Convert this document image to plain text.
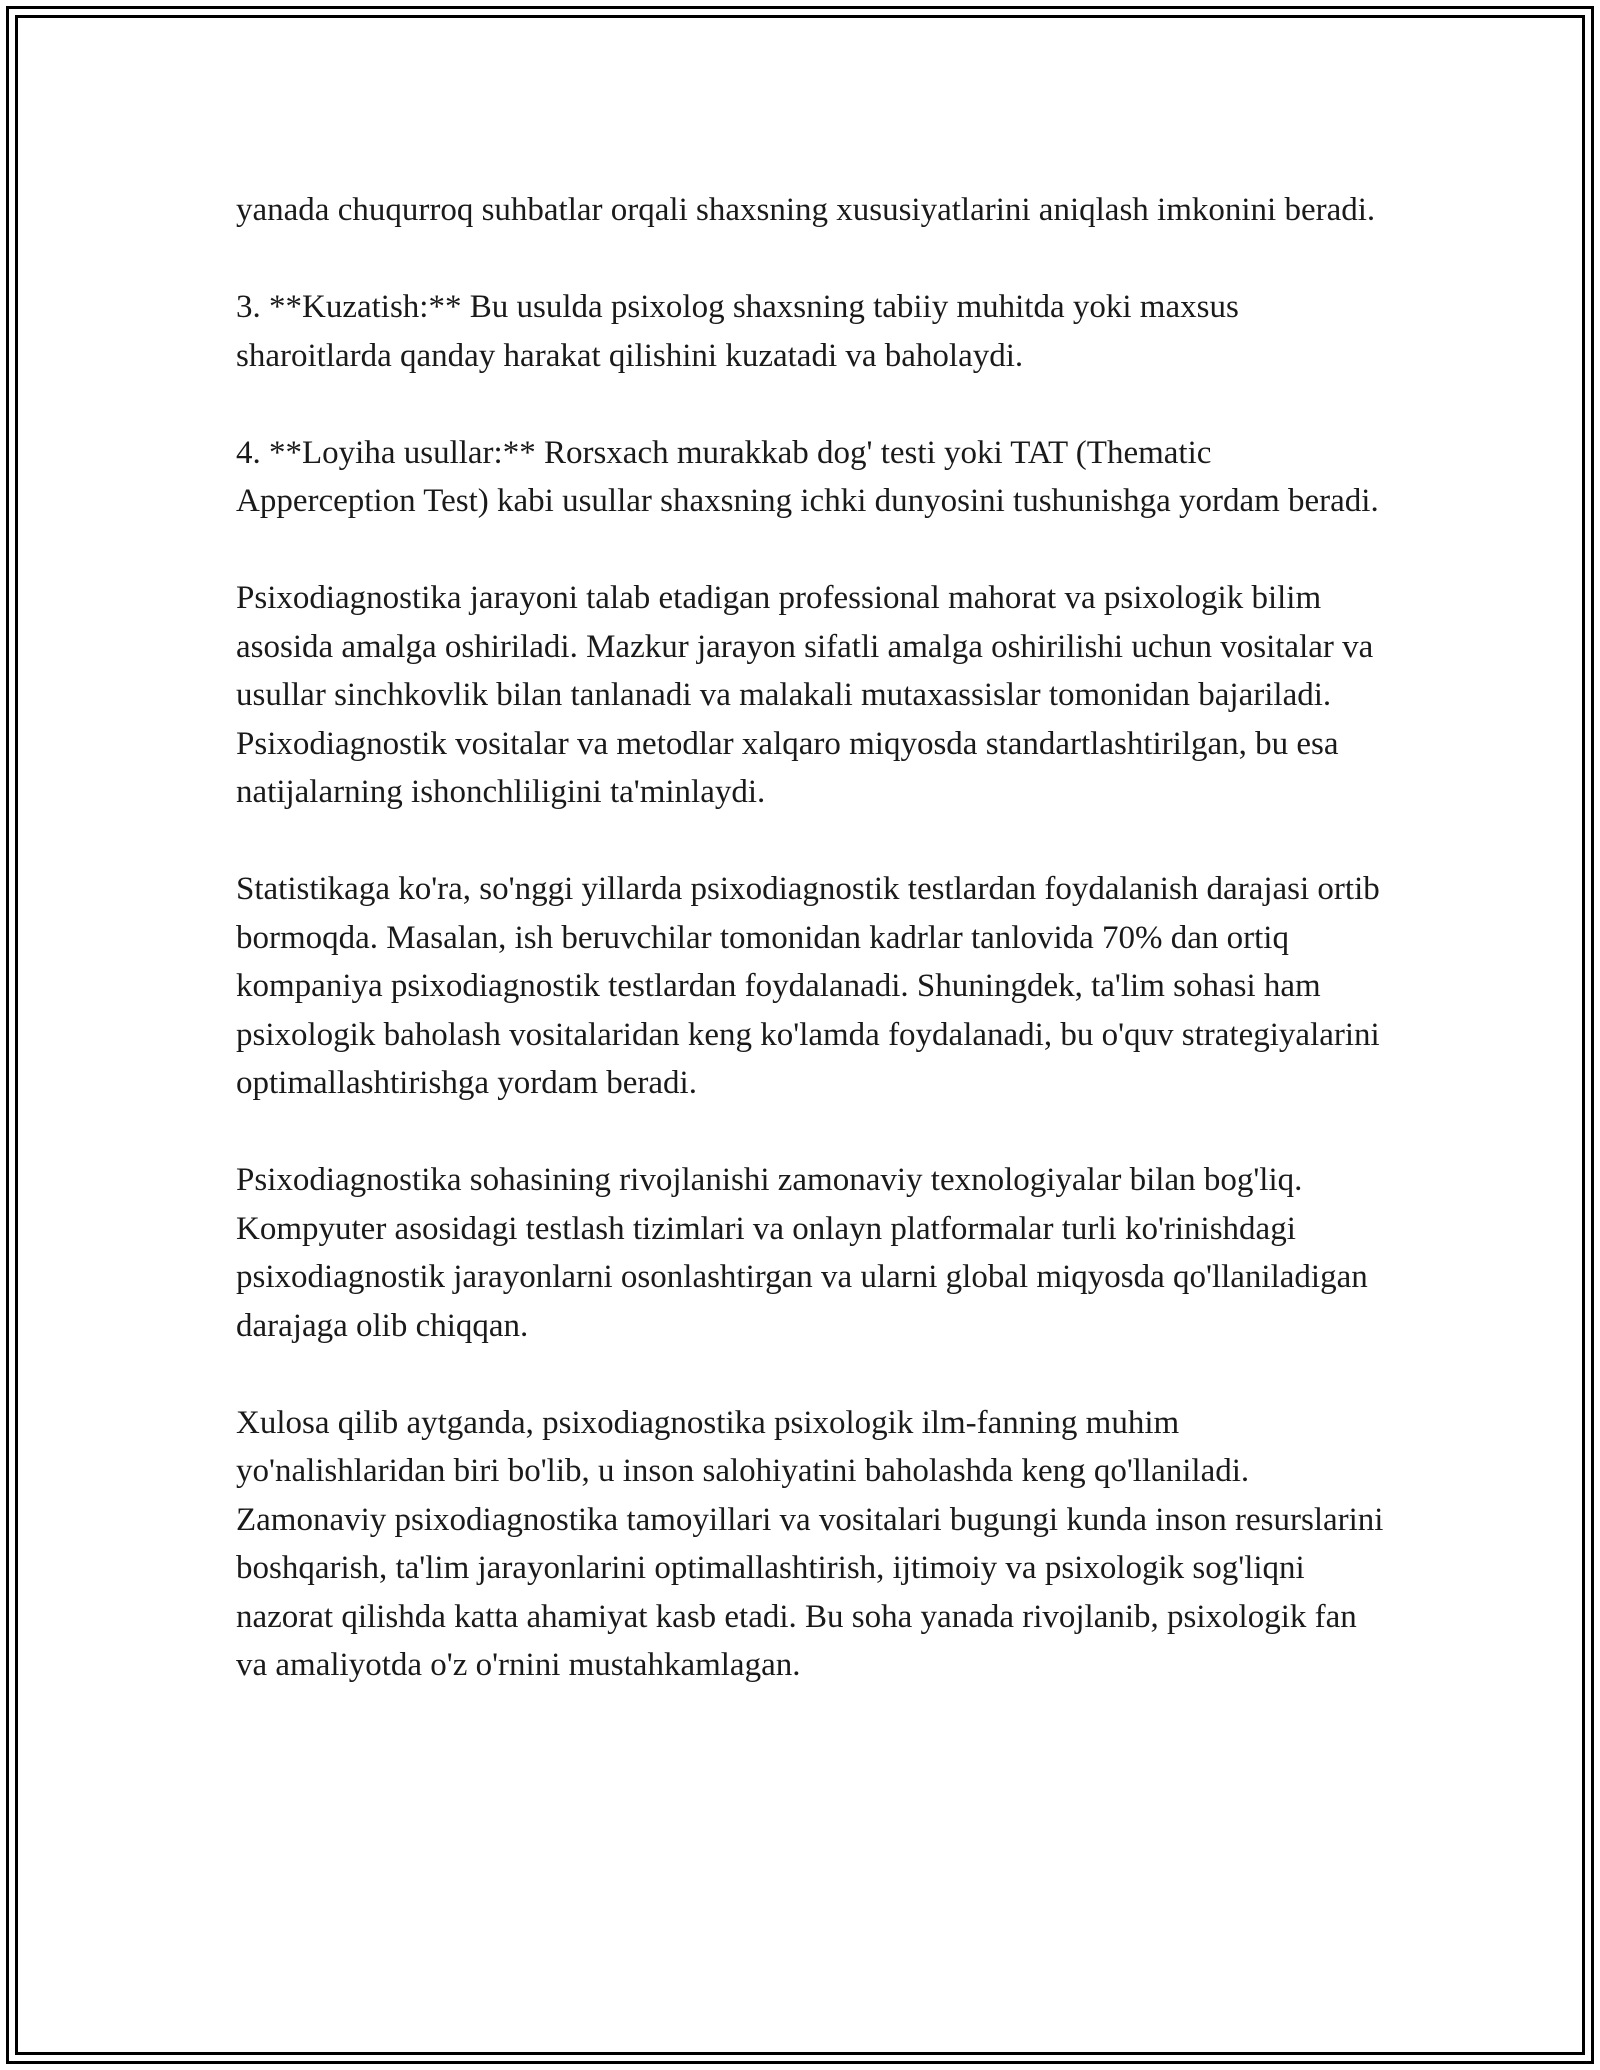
yanada chuqurroq suhbatlar orqali shaxsning xususiyatlarini aniqlash imkonini beradi.

3. **Kuzatish:** Bu usulda psixolog shaxsning tabiiy muhitda yoki maxsus sharoitlarda qanday harakat qilishini kuzatadi va baholaydi.

4. **Loyiha usullar:** Rorsxach murakkab dog' testi yoki TAT (Thematic Apperception Test) kabi usullar shaxsning ichki dunyosini tushunishga yordam beradi.

Psixodiagnostika jarayoni talab etadigan professional mahorat va psixologik bilim asosida amalga oshiriladi. Mazkur jarayon sifatli amalga oshirilishi uchun vositalar va usullar sinchkovlik bilan tanlanadi va malakali mutaxassislar tomonidan bajariladi. Psixodiagnostik vositalar va metodlar xalqaro miqyosda standartlashtirilgan, bu esa natijalarning ishonchliligini ta'minlaydi.

Statistikaga ko'ra, so'nggi yillarda psixodiagnostik testlardan foydalanish darajasi ortib bormoqda. Masalan, ish beruvchilar tomonidan kadrlar tanlovida 70% dan ortiq kompaniya psixodiagnostik testlardan foydalanadi. Shuningdek, ta'lim sohasi ham psixologik baholash vositalaridan keng ko'lamda foydalanadi, bu o'quv strategiyalarini optimallashtirishga yordam beradi.

Psixodiagnostika sohasining rivojlanishi zamonaviy texnologiyalar bilan bog'liq. Kompyuter asosidagi testlash tizimlari va onlayn platformalar turli ko'rinishdagi psixodiagnostik jarayonlarni osonlashtirgan va ularni global miqyosda qo'llaniladigan darajaga olib chiqqan.

Xulosa qilib aytganda, psixodiagnostika psixologik ilm-fanning muhim yo'nalishlaridan biri bo'lib, u inson salohiyatini baholashda keng qo'llaniladi. Zamonaviy psixodiagnostika tamoyillari va vositalari bugungi kunda inson resurslarini boshqarish, ta'lim jarayonlarini optimallashtirish, ijtimoiy va psixologik sog'liqni nazorat qilishda katta ahamiyat kasb etadi. Bu soha yanada rivojlanib, psixologik fan va amaliyotda o'z o'rnini mustahkamlagan.
